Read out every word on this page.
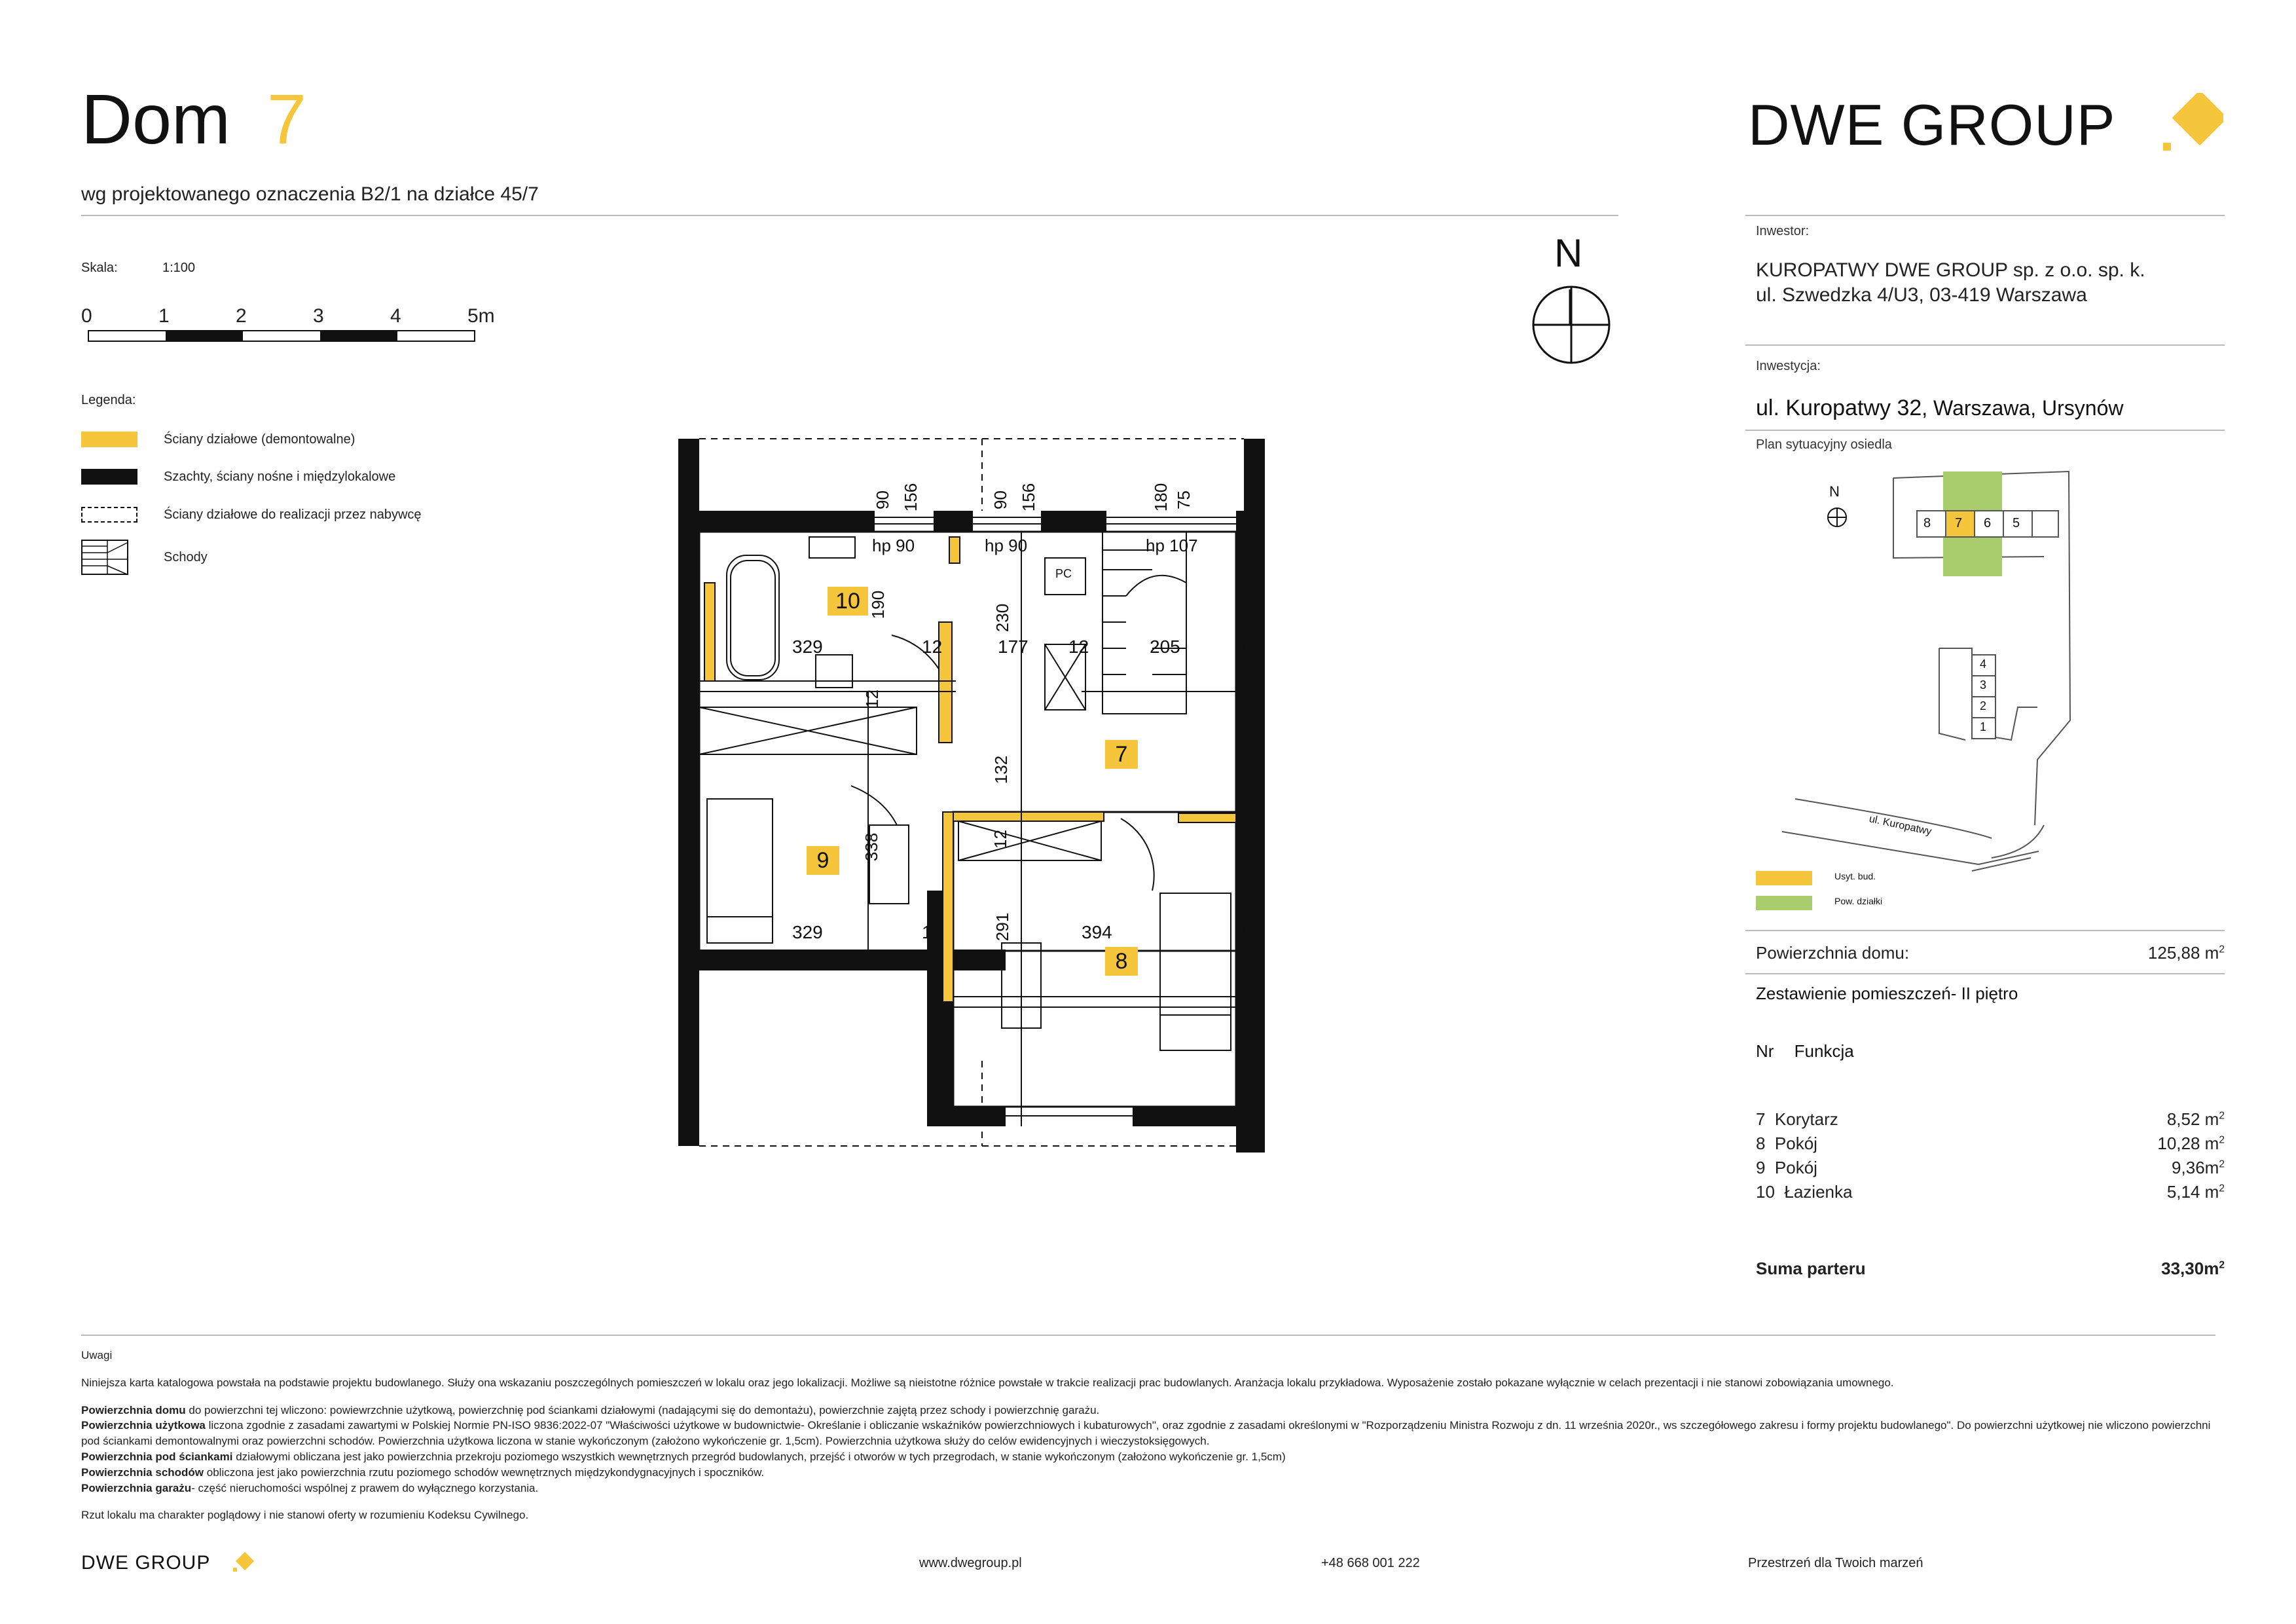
Dom 7
wg projektowanego oznaczenia B2/1 na działce 45/7
Skala:	1:100
0	1	2	3	4	5m
Legenda:
Ściany działowe (demontowalne)
Szachty, ściany nośne i międzylokalowe
Ściany działowe do realizacji przez nabywcę
Schody
N
10
7
9
8
90 156	90 156	180 75
hp 90	hp 90	hp 107
190	230
329	12	177 12	205	18
12
132
338	12
329	12	291	394	18
PC
DWE GROUP
Inwestor:
KUROPATWY DWE GROUP sp. z o.o. sp. k.
ul. Szwedzka 4/U3, 03-419 Warszawa
Inwestycja:
ul. Kuropatwy 32, Warszawa, Ursynów
Plan sytuacyjny osiedla
N
8 7 6 5
4
3
2
1
ul. Kuropatwy
Usyt. bud.
Pow. działki
Powierzchnia domu:	125,88 $m^2$
Zestawienie pomieszczeń- II piętro
Nr Funkcja
7 Korytarz	8,52 $m^2$
8 Pokój	10,28 $m^2$
9 Pokój	$9,36m^2$
10 Łazienka	5,14 $m^2$
Suma parteru	$33,30m^2$

Uwagi

Niniejsza karta katalogowa powstała na podstawie projektu budowlanego. Służy ona wskazaniu poszczególnych pomieszczeń w lokalu oraz jego lokalizacji. Możliwe są nieistotne różnice powstałe w trakcie realizacji prac budowlanych. Aranżacja lokalu przykładowa. Wyposażenie zostało pokazane wyłącznie w celach prezentacji i nie stanowi zobowiązania umownego.

Powierzchnia domu do powierzchni tej wliczono: powiewrzchnie użytkową, powierzchnię pod ściankami działowymi (nadającymi się do demontażu), powierzchnie zajętą przez schody i powierzchnię garażu.

Powierzchnia użytkowa liczona zgodnie z zasadami zawartymi w Polskiej Normie PN-ISO 9836:2022-07 "Właściwości użytkowe w budownictwie- Określanie i obliczanie wskaźników powierzchniowych i kubaturowych", oraz zgodnie z zasadami określonymi w "Rozporządzeniu Ministra Rozwoju z dn. 11 września 2020r., ws szczegółowego zakresu i formy projektu budowlanego". Do powierzchni użytkowej nie wliczono powierzchni pod ściankami demontowalnymi oraz powierzchni schodów. Powierzchnia użytkowa liczona w stanie wykończonym (założono wykończenie gr. 1,5cm). Powierzchnia użytkowa służy do celów ewidencyjnych i wieczystoksięgowych.

Powierzchnia pod ściankami działowymi obliczana jest jako powierzchnia przekroju poziomego wszystkich wewnętrznych przegród budowlanych, przejść i otworów w tych przegrodach, w stanie wykończonym (założono wykończenie gr. 1,5cm)

Powierzchnia schodów obliczona jest jako powierzchnia rzutu poziomego schodów wewnętrznych międzykondygnacyjnych i spoczników.

Powierzchnia garażu- część nieruchomości wspólnej z prawem do wyłącznego korzystania.

Rzut lokalu ma charakter poglądowy i nie stanowi oferty w rozumieniu Kodeksu Cywilnego.

DWE GROUP	www.dwegroup.pl	+48 668 001 222	Przestrzeń dla Twoich marzeń
